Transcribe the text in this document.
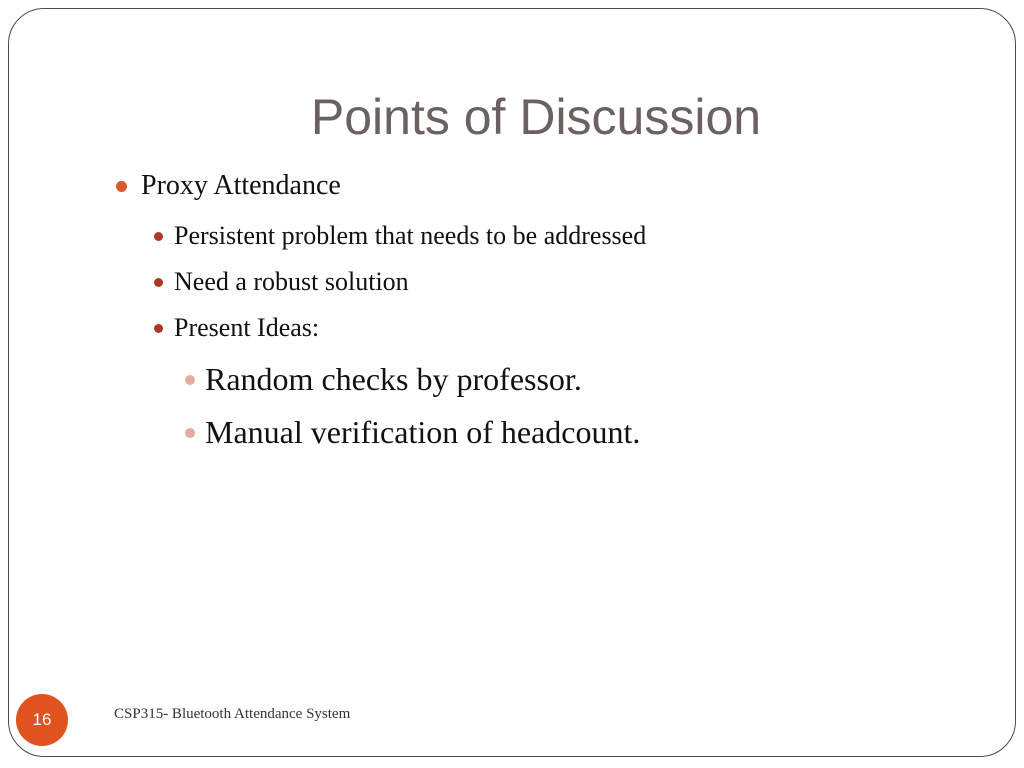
Points of Discussion
Proxy Attendance
Persistent problem that needs to be addressed
Need a robust solution
Present Ideas:
Random checks by professor.
Manual verification of headcount.
16	CSP315- Bluetooth Attendance System
